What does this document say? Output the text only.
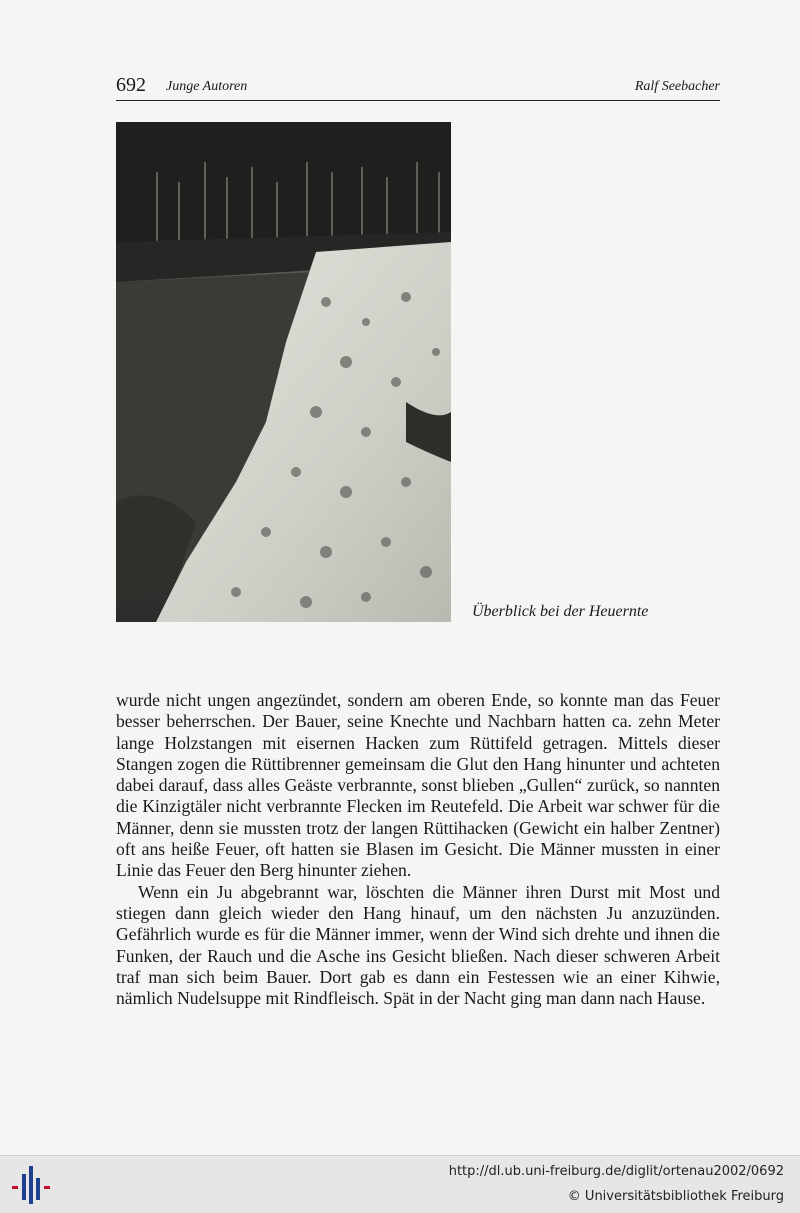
692 Junge Autoren	Ralf Seebacher
Überblick bei der Heuernte

wurde nicht ungen angezündet, sondern am oberen Ende, so konnte man das Feuer besser beherrschen. Der Bauer, seine Knechte und Nachbarn hatten ca. zehn Meter lange Holzstangen mit eisernen Hacken zum Rüttifeld getragen. Mittels dieser Stangen zogen die Rüttibrenner gemeinsam die Glut den Hang hinunter und achteten dabei darauf, dass alles Geäste verbrannte, sonst blieben „Gullen“ zurück, so nannten die Kinzigtäler nicht verbrannte Flecken im Reutefeld. Die Arbeit war schwer für die Männer, denn sie mussten trotz der langen Rüttihacken (Gewicht ein halber Zentner) oft ans heiße Feuer, oft hatten sie Blasen im Gesicht. Die Männer mussten in einer Linie das Feuer den Berg hinunter ziehen.

Wenn ein Ju abgebrannt war, löschten die Männer ihren Durst mit Most und stiegen dann gleich wieder den Hang hinauf, um den nächsten Ju anzuzünden. Gefährlich wurde es für die Männer immer, wenn der Wind sich drehte und ihnen die Funken, der Rauch und die Asche ins Gesicht bließen. Nach dieser schweren Arbeit traf man sich beim Bauer. Dort gab es dann ein Festessen wie an einer Kihwie, nämlich Nudelsuppe mit Rindfleisch. Spät in der Nacht ging man dann nach Hause.

http://dl.ub.uni-freiburg.de/diglit/ortenau2002/0692
© Universitätsbibliothek Freiburg
